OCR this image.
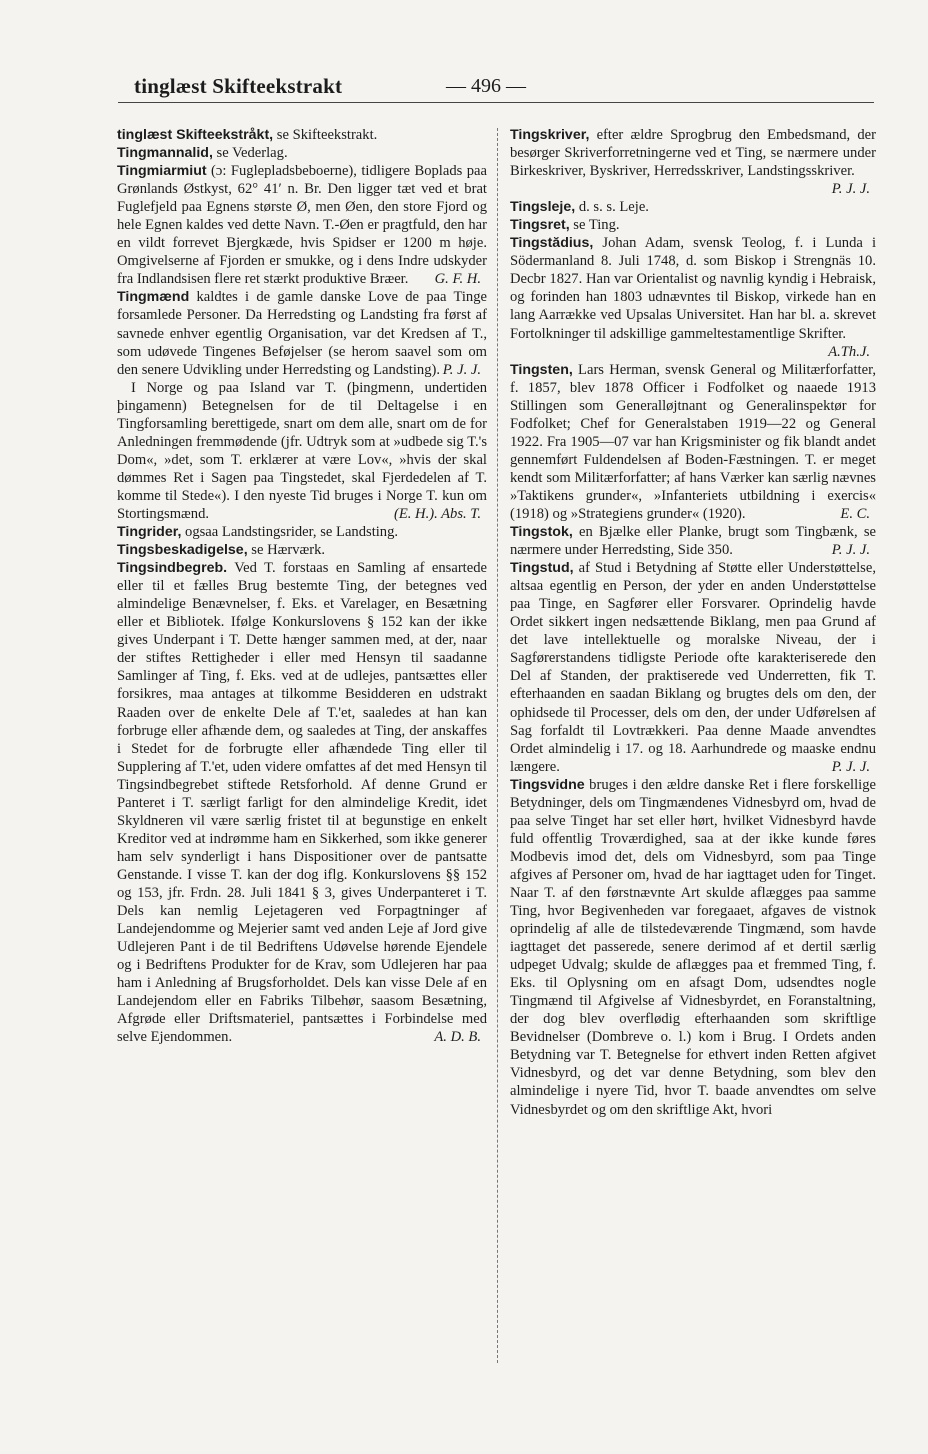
tinglæst Skifteekstrakt	— 496 —

tinglæst Skifteekstråkt, se Skifteekstrakt.

Tingmannalid, se Vederlag.

Tingmiarmiut (ɔ: Fuglepladsbeboerne), tidligere Boplads paa Grønlands Østkyst, 62° 41′ n. Br. Den ligger tæt ved et brat Fuglefjeld paa Egnens største Ø, men Øen, den store Fjord og hele Egnen kaldes ved dette Navn. T.-Øen er pragtfuld, den har en vildt forrevet Bjergkæde, hvis Spidser er 1200 m høje. Omgivelserne af Fjorden er smukke, og i dens Indre udskyder fra Indlandsisen flere ret stærkt produktive Bræer. G. F. H.

Tingmænd kaldtes i de gamle danske Love de paa Tinge forsamlede Personer. Da Herredsting og Landsting fra først af savnede enhver egentlig Organisation, var det Kredsen af T., som udøvede Tingenes Beføjelser (se herom saavel som om den senere Udvikling under Herredsting og Landsting). P. J. J.

I Norge og paa Island var T. (þingmenn, undertiden þingamenn) Betegnelsen for de til Deltagelse i en Tingforsamling berettigede, snart om dem alle, snart om de for Anledningen fremmødende (jfr. Udtryk som at »udbede sig T.'s Dom«, »det, som T. erklærer at være Lov«, »hvis der skal dømmes Ret i Sagen paa Tingstedet, skal Fjerdedelen af T. komme til Stede«). I den nyeste Tid bruges i Norge T. kun om Stortingsmænd.	(E. H.). Abs. T.

Tingrider, ogsaa Landstingsrider, se Landsting.

Tingsbeskadigelse, se Hærværk.

Tingsindbegreb. Ved T. forstaas en Samling af ensartede eller til et fælles Brug bestemte Ting, der betegnes ved almindelige Benævnelser, f. Eks. et Varelager, en Besætning eller et Bibliotek. Ifølge Konkurslovens § 152 kan der ikke gives Underpant i T. Dette hænger sammen med, at der, naar der stiftes Rettigheder i eller med Hensyn til saadanne Samlinger af Ting, f. Eks. ved at de udlejes, pantsættes eller forsikres, maa antages at tilkomme Besidderen en udstrakt Raaden over de enkelte Dele af T.'et, saaledes at han kan forbruge eller afhænde dem, og saaledes at Ting, der anskaffes i Stedet for de forbrugte eller afhændede Ting eller til Supplering af T.'et, uden videre omfattes af det med Hensyn til Tingsindbegrebet stiftede Retsforhold. Af denne Grund er Panteret i T. særligt farligt for den almindelige Kredit, idet Skyldneren vil være særlig fristet til at begunstige en enkelt Kreditor ved at indrømme ham en Sikkerhed, som ikke generer ham selv synderligt i hans Dispositioner over de pantsatte Genstande. I visse T. kan der dog iflg. Konkurslovens §§ 152 og 153, jfr. Frdn. 28. Juli 1841 § 3, gives Underpanteret i T. Dels kan nemlig Lejetageren ved Forpagtninger af Landejendomme og Mejerier samt ved anden Leje af Jord give Udlejeren Pant i de til Bedriftens Udøvelse hørende Ejendele og i Bedriftens Produkter for de Krav, som Udlejeren har paa ham i Anledning af Brugsforholdet. Dels kan visse Dele af en Landejendom eller en Fabriks Tilbehør, saasom Besætning, Afgrøde eller Driftsmateriel, pantsættes i Forbindelse med selve Ejendommen.	A. D. B.

Tingskriver, efter ældre Sprogbrug den Embedsmand, der besørger Skriverforretningerne ved et Ting, se nærmere under Birkeskriver, Byskriver, Herredsskriver, Landstingsskriver.
P. J. J.

Tingsleje, d. s. s. Leje.

Tingsret, se Ting.

Tingstădius, Johan Adam, svensk Teolog, f. i Lunda i Södermanland 8. Juli 1748, d. som Biskop i Strengnäs 10. Decbr 1827. Han var Orientalist og navnlig kyndig i Hebraisk, og forinden han 1803 udnævntes til Biskop, virkede han en lang Aarrække ved Upsalas Universitet. Han har bl. a. skrevet Fortolkninger til adskillige gammeltestamentlige Skrifter.
A.Th.J.

Tingsten, Lars Herman, svensk General og Militærforfatter, f. 1857, blev 1878 Officer i Fodfolket og naaede 1913 Stillingen som Generalløjtnant og Generalinspektør for Fodfolket; Chef for Generalstaben 1919—22 og General 1922. Fra 1905—07 var han Krigsminister og fik blandt andet gennemført Fuldendelsen af Boden-Fæstningen. T. er meget kendt som Militærforfatter; af hans Værker kan særlig nævnes »Taktikens grunder«, »Infanteriets utbildning i exercis« (1918) og »Strategiens grunder« (1920).	E. C.

Tingstok, en Bjælke eller Planke, brugt som Tingbænk, se nærmere under Herredsting, Side 350.	P. J. J.

Tingstud, af Stud i Betydning af Støtte eller Understøttelse, altsaa egentlig en Person, der yder en anden Understøttelse paa Tinge, en Sagfører eller Forsvarer. Oprindelig havde Ordet sikkert ingen nedsættende Biklang, men paa Grund af det lave intellektuelle og moralske Niveau, der i Sagførerstandens tidligste Periode ofte karakteriserede den Del af Standen, der praktiserede ved Underretten, fik T. efterhaanden en saadan Biklang og brugtes dels om den, der ophidsede til Processer, dels om den, der under Udførelsen af Sag forfaldt til Lovtrækkeri. Paa denne Maade anvendtes Ordet almindelig i 17. og 18. Aarhundrede og maaske endnu længere.	P. J. J.

Tingsvidne bruges i den ældre danske Ret i flere forskellige Betydninger, dels om Tingmændenes Vidnesbyrd om, hvad de paa selve Tinget har set eller hørt, hvilket Vidnesbyrd havde fuld offentlig Troværdighed, saa at der ikke kunde føres Modbevis imod det, dels om Vidnesbyrd, som paa Tinge afgives af Personer om, hvad de har iagttaget uden for Tinget. Naar T. af den førstnævnte Art skulde aflægges paa samme Ting, hvor Begivenheden var foregaaet, afgaves de vistnok oprindelig af alle de tilstedeværende Tingmænd, som havde iagttaget det passerede, senere derimod af et dertil særlig udpeget Udvalg; skulde de aflægges paa et fremmed Ting, f. Eks. til Oplysning om en afsagt Dom, udsendtes nogle Tingmænd til Afgivelse af Vidnesbyrdet, en Foranstaltning, der dog blev overflødig efterhaanden som skriftlige Bevidnelser (Dombreve o. l.) kom i Brug. I Ordets anden Betydning var T. Betegnelse for ethvert inden Retten afgivet Vidnesbyrd, og det var denne Betydning, som blev den almindelige i nyere Tid, hvor T. baade anvendtes om selve Vidnesbyrdet og om den skriftlige Akt, hvori
